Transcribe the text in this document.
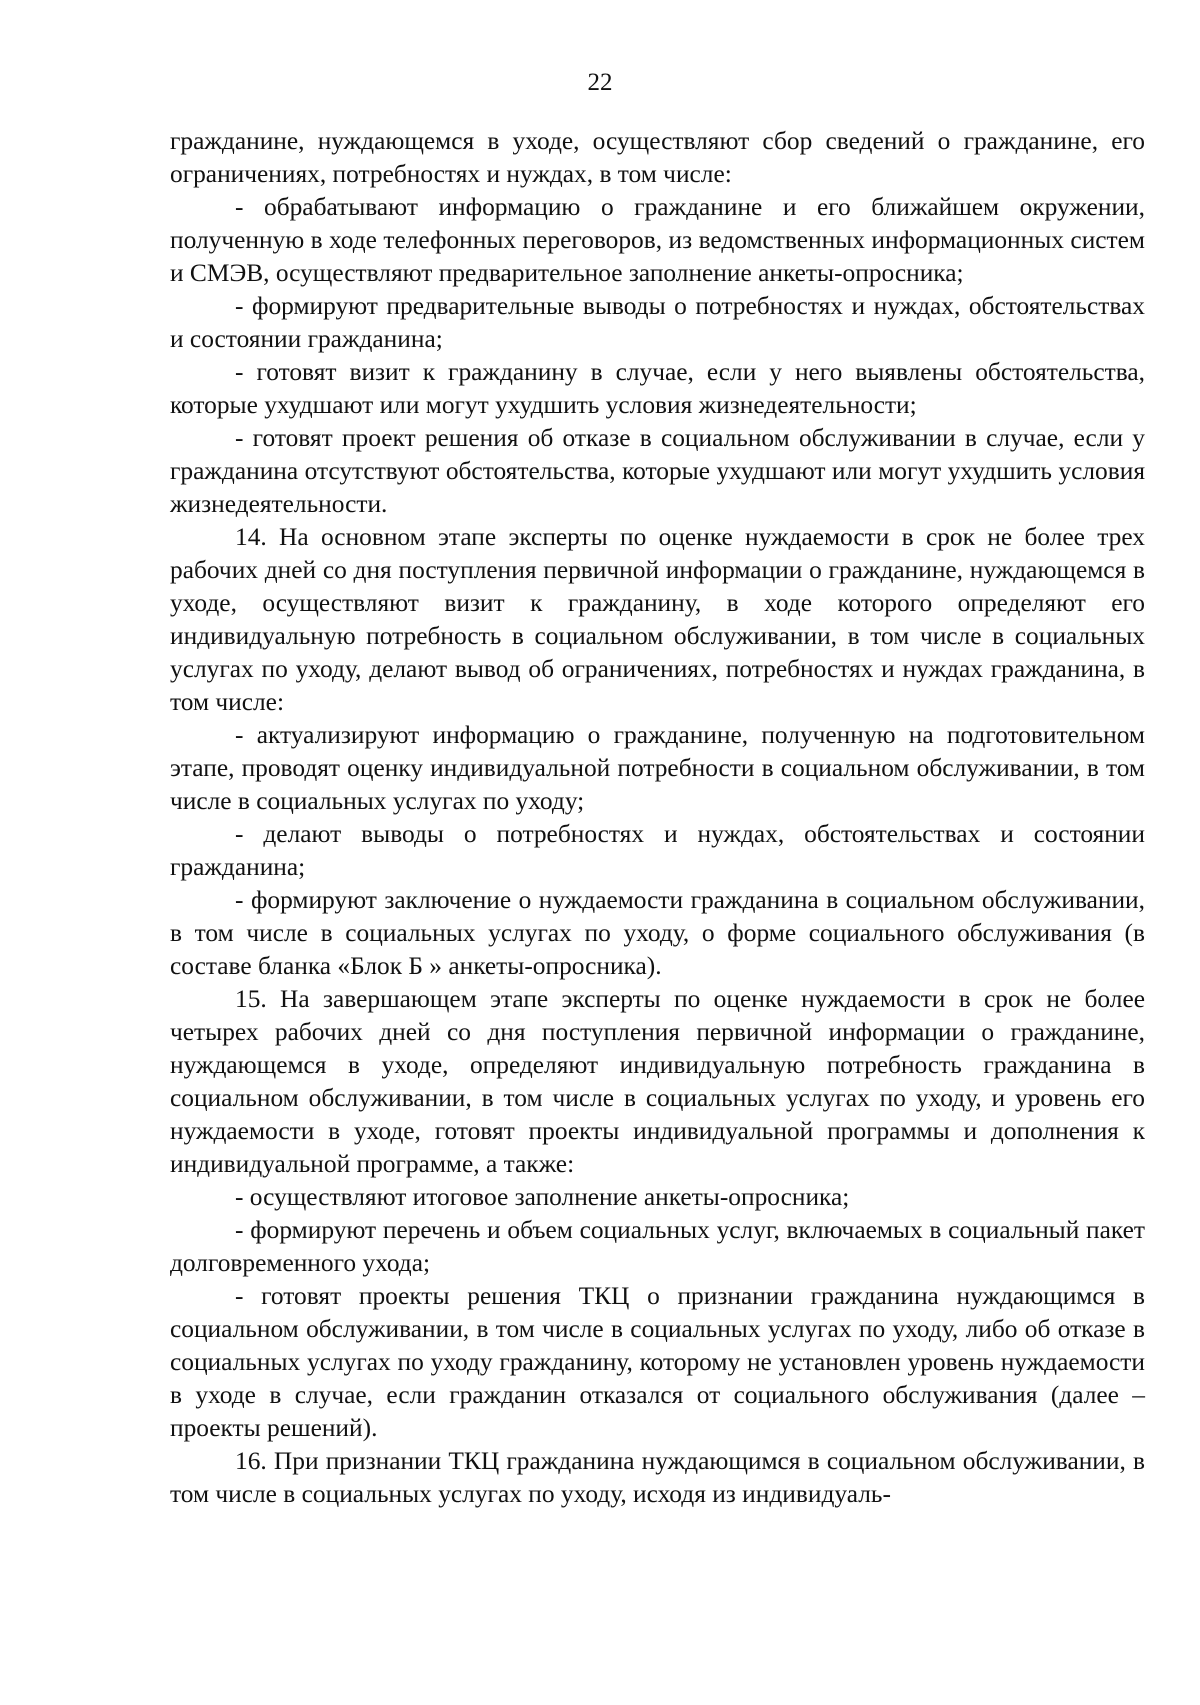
22

гражданине, нуждающемся в уходе, осуществляют сбор сведений о гражданине, его ограничениях, потребностях и нуждах, в том числе:

- обрабатывают информацию о гражданине и его ближайшем окружении, полученную в ходе телефонных переговоров, из ведомственных информационных систем и СМЭВ, осуществляют предварительное заполнение анкеты-опросника;

- формируют предварительные выводы о потребностях и нуждах, обстоятельствах и состоянии гражданина;

- готовят визит к гражданину в случае, если у него выявлены обстоятельства, которые ухудшают или могут ухудшить условия жизнедеятельности;

- готовят проект решения об отказе в социальном обслуживании в случае, если у гражданина отсутствуют обстоятельства, которые ухудшают или могут ухудшить условия жизнедеятельности.

14. На основном этапе эксперты по оценке нуждаемости в срок не более трех рабочих дней со дня поступления первичной информации о гражданине, нуждающемся в уходе, осуществляют визит к гражданину, в ходе которого определяют его индивидуальную потребность в социальном обслуживании, в том числе в социальных услугах по уходу, делают вывод об ограничениях, потребностях и нуждах гражданина, в том числе:

- актуализируют информацию о гражданине, полученную на подготовительном этапе, проводят оценку индивидуальной потребности в социальном обслуживании, в том числе в социальных услугах по уходу;

- делают выводы о потребностях и нуждах, обстоятельствах и состоянии гражданина;

- формируют заключение о нуждаемости гражданина в социальном обслуживании, в том числе в социальных услугах по уходу, о форме социального обслуживания (в составе бланка «Блок Б » анкеты-опросника).

15. На завершающем этапе эксперты по оценке нуждаемости в срок не более четырех рабочих дней со дня поступления первичной информации о гражданине, нуждающемся в уходе, определяют индивидуальную потребность гражданина в социальном обслуживании, в том числе в социальных услугах по уходу, и уровень его нуждаемости в уходе, готовят проекты индивидуальной программы и дополнения к индивидуальной программе, а также:

- осуществляют итоговое заполнение анкеты-опросника;

- формируют перечень и объем социальных услуг, включаемых в социальный пакет долговременного ухода;

- готовят проекты решения ТКЦ о признании гражданина нуждающимся в социальном обслуживании, в том числе в социальных услугах по уходу, либо об отказе в социальных услугах по уходу гражданину, которому не установлен уровень нуждаемости в уходе в случае, если гражданин отказался от социального обслуживания (далее – проекты решений).

16. При признании ТКЦ гражданина нуждающимся в социальном обслуживании, в том числе в социальных услугах по уходу, исходя из индивидуаль-
